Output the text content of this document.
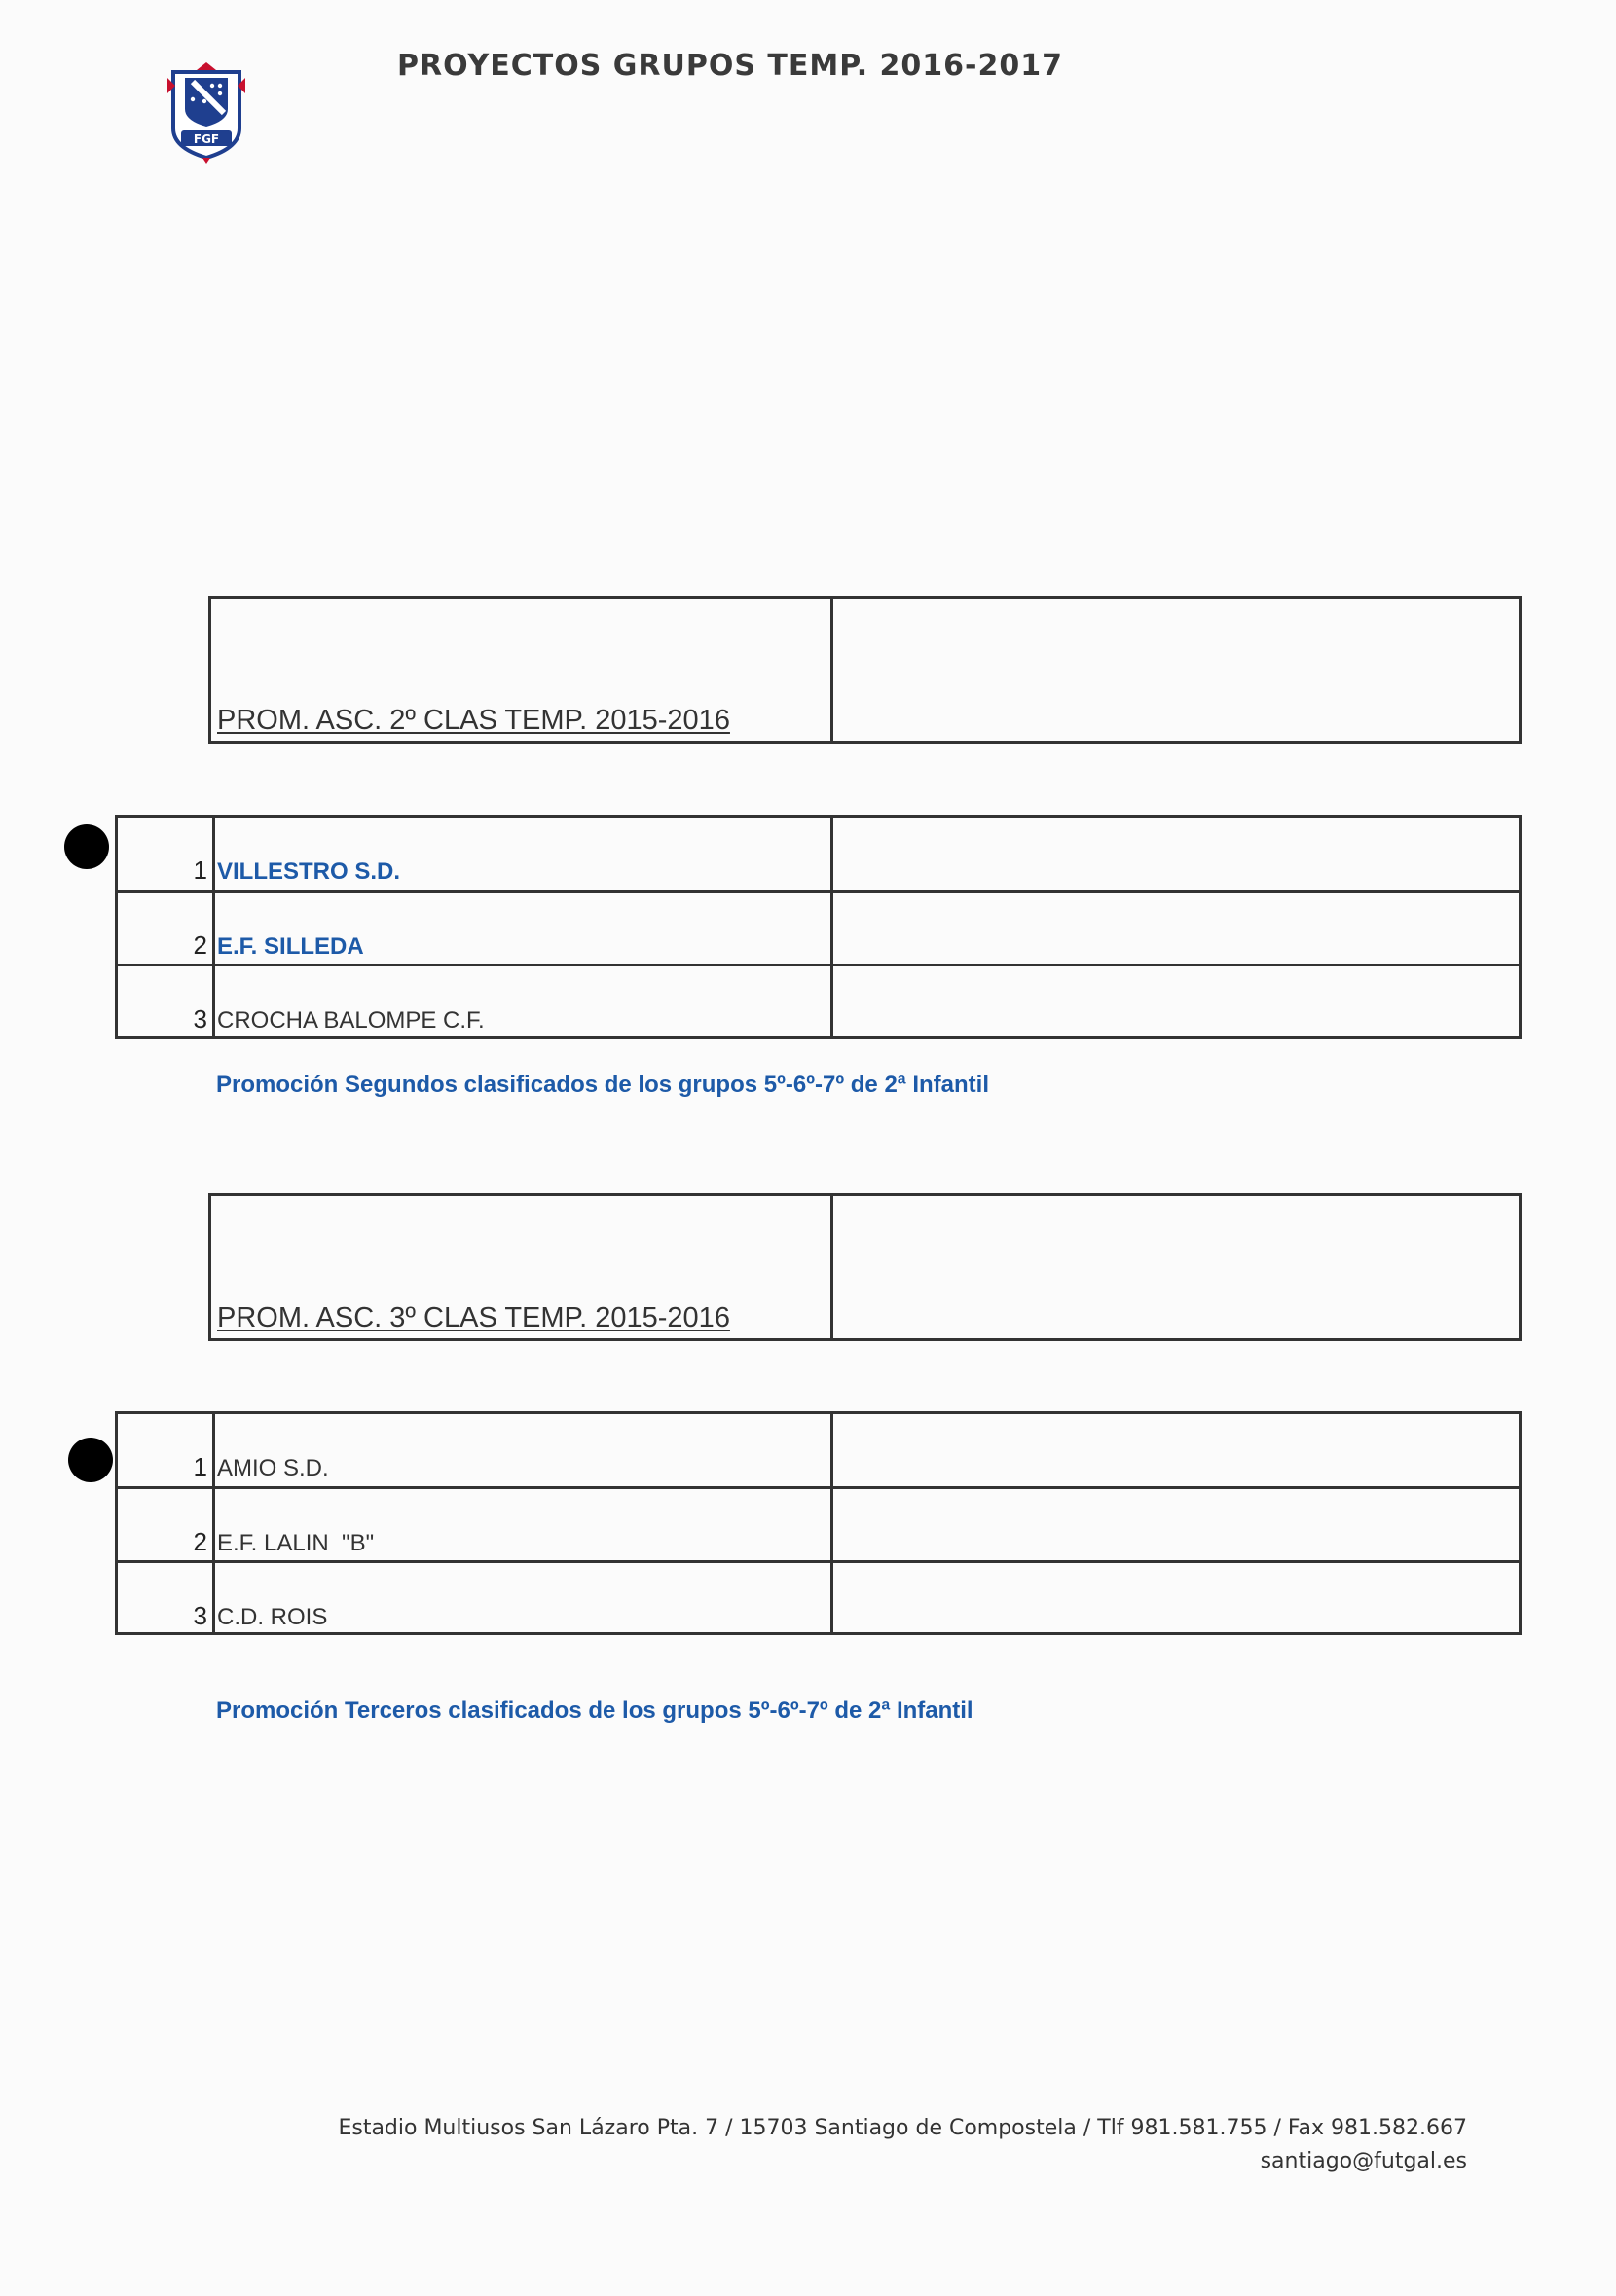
FGF
PROYECTOS GRUPOS TEMP. 2016-2017
PROM. ASC. 2º CLAS TEMP. 2015-2016
1 VILLESTRO S.D.
2 E.F. SILLEDA
3 CROCHA BALOMPE C.F.
Promoción Segundos clasificados de los grupos 5º-6º-7º de 2ª Infantil
PROM. ASC. 3º CLAS TEMP. 2015-2016
1 AMIO S.D.
2 E.F. LALIN  "B"
3 C.D. ROIS
Promoción Terceros clasificados de los grupos 5º-6º-7º de 2ª Infantil
Estadio Multiusos San Lázaro Pta. 7 / 15703 Santiago de Compostela / Tlf 981.581.755 / Fax 981.582.667
santiago@futgal.es
